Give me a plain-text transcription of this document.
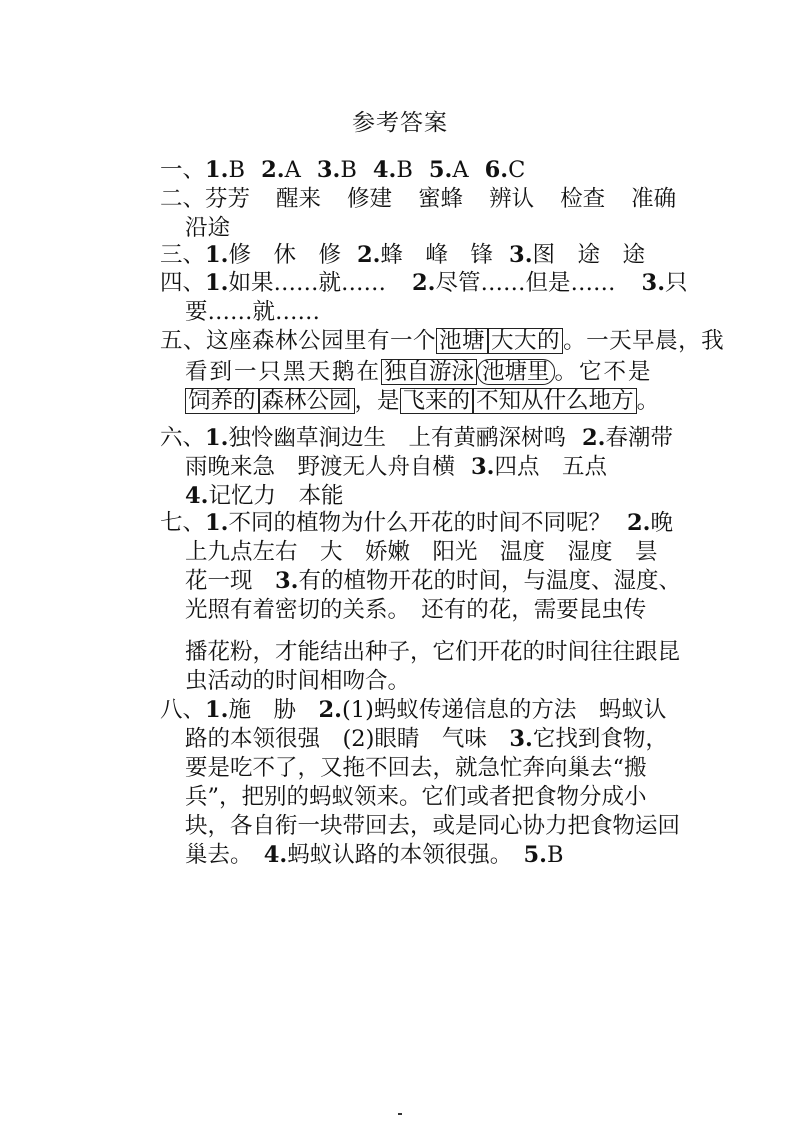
参考答案
一、1.B 2.A 3.B 4.B 5.A 6.C
二、芬芳 醒来 修建 蜜蜂 辨认 检查 准确
沿途
三、1.修　休　修 2.蜂　峰　锋 3.图　途　途
四、1.如果……就…… 2.尽管……但是…… 3.只
要……就……
五、这座森林公园里有一个 池塘 大大的 。一天早晨，我
看到一只黑天鹅在 独自游泳 池塘里 。它不是
饲养的 森林公园 ，是 飞来的 不知从什么地方 。
六、1.独怜幽草涧边生　上有黄鹂深树鸣 2.春潮带
雨晚来急　野渡无人舟自横 3.四点　五点
4.记忆力　本能
七、1.不同的植物为什么开花的时间不同呢？ 2.晚
上九点左右　大　娇嫩　阳光　温度　湿度　昙
花一现　3.有的植物开花的时间，与温度、湿度、
光照有着密切的关系。　还有的花，需要昆虫传
播花粉，才能结出种子，它们开花的时间往往跟昆
虫活动的时间相吻合。
八、1.施　胁　2.(1)蚂蚁传递信息的方法　蚂蚁认
路的本领很强　(2)眼睛　气味　3.它找到食物，
要是吃不了，又拖不回去，就急忙奔向巢去“搬
兵”，把别的蚂蚁领来。它们或者把食物分成小
块，各自衔一块带回去，或是同心协力把食物运回
巢去。　4.蚂蚁认路的本领很强。　5.B
